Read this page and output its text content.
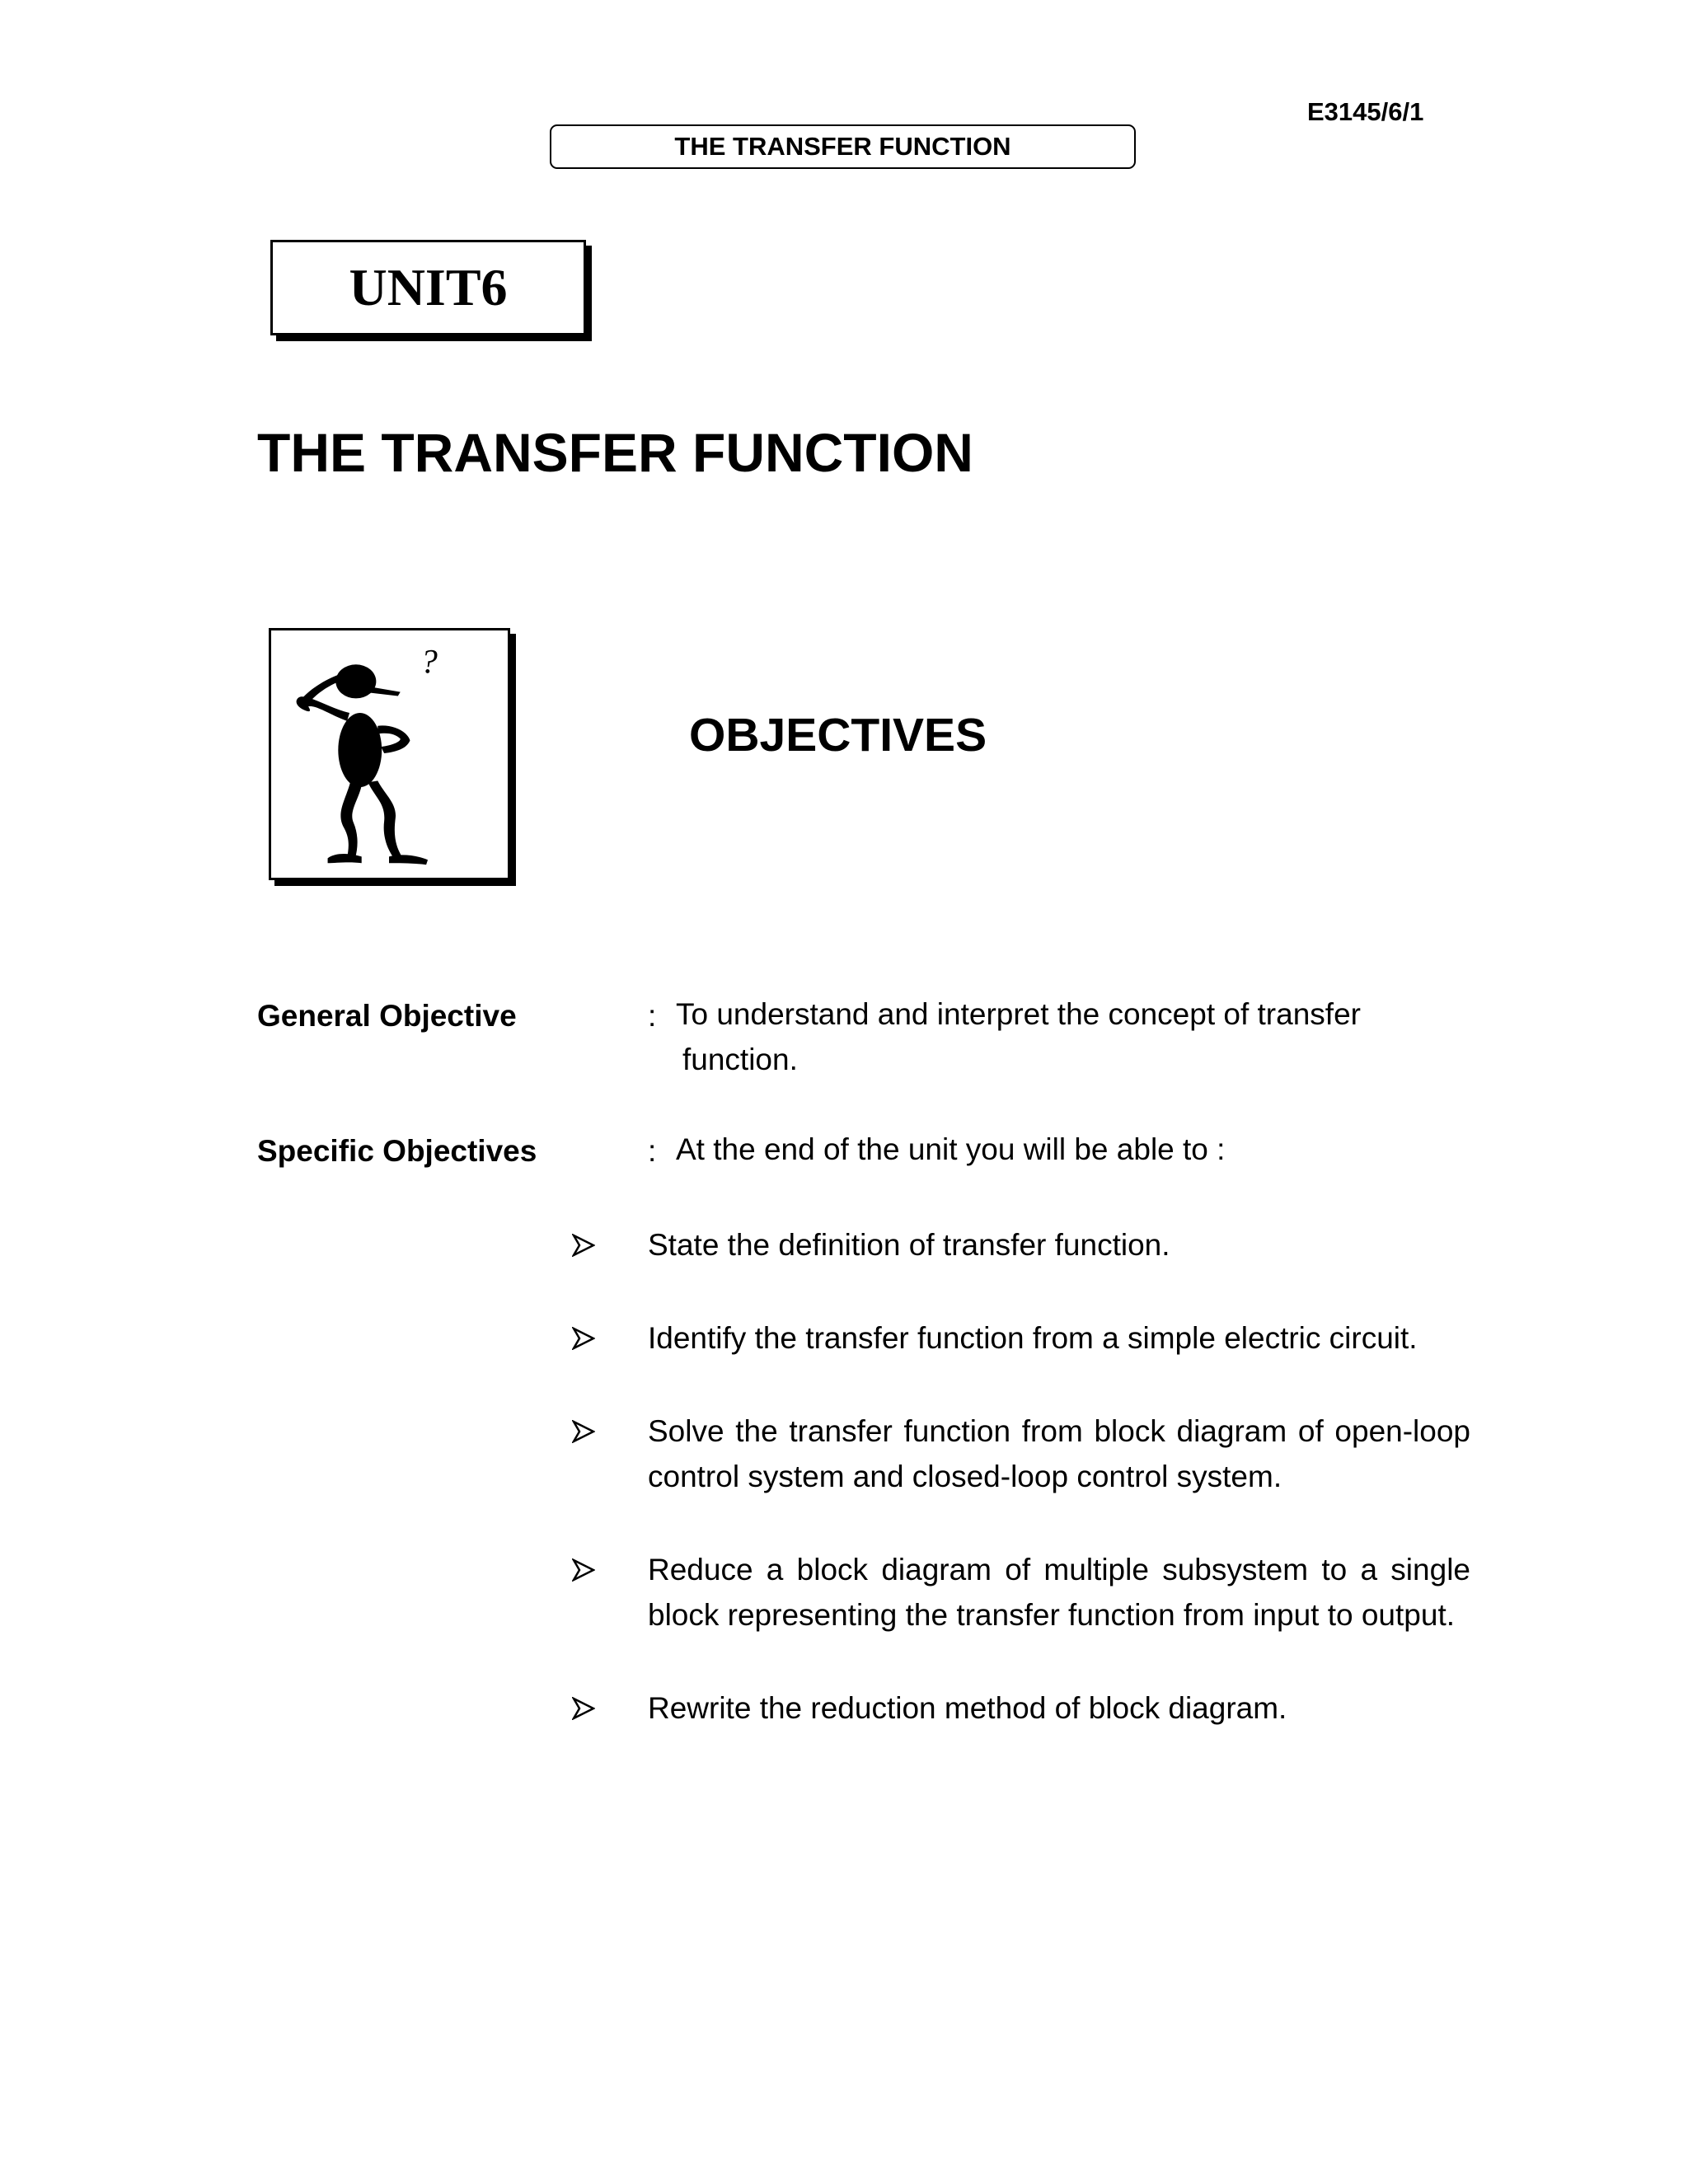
E3145/6/1
THE TRANSFER FUNCTION
UNIT6
THE TRANSFER FUNCTION
?
OBJECTIVES
General Objective	: To understand and interpret the concept of transfer
function.
Specific Objectives	: At the end of the unit you will be able to :
State the definition of transfer function.
Identify the transfer function from a simple electric circuit.
Solve the transfer function from block diagram of open-loop control system and closed-loop control system.
Reduce a block diagram of multiple subsystem to a single block representing the transfer function from input to output.
Rewrite the reduction method of block diagram.
